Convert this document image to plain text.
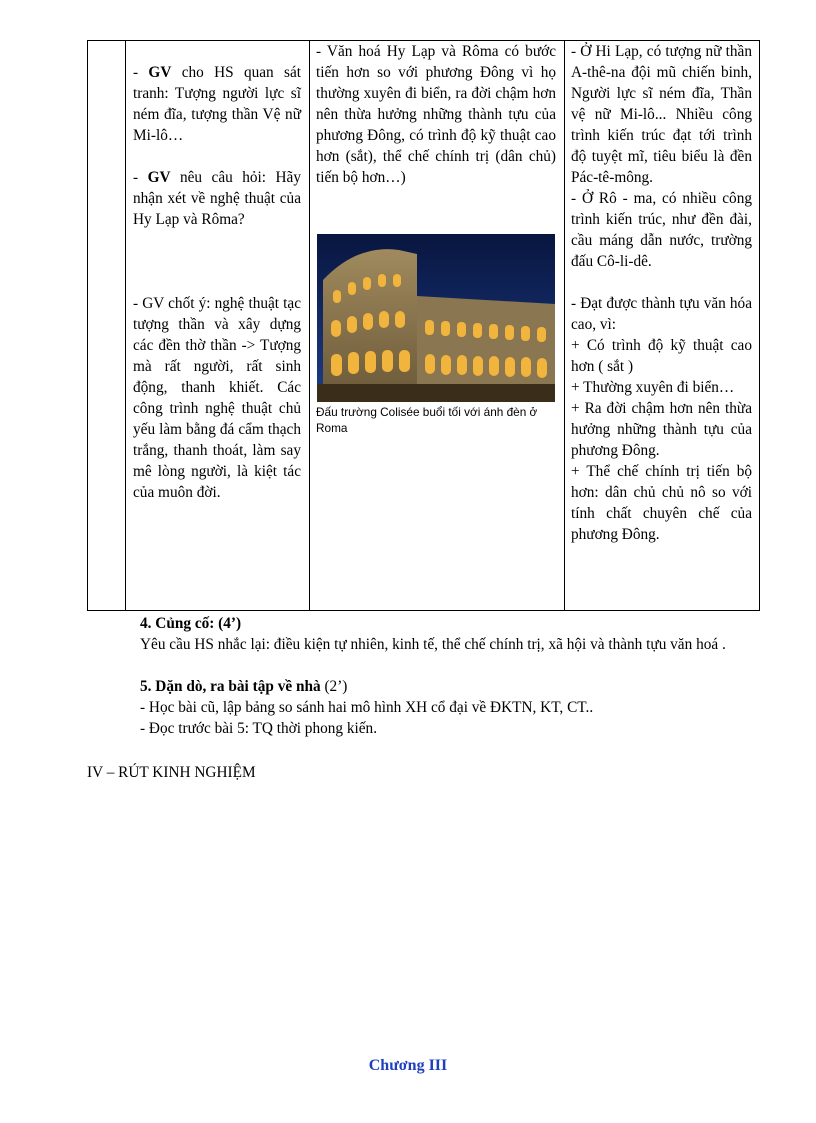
- GV cho HS quan sát tranh: Tượng người lực sĩ ném đĩa, tượng thần Vệ nữ Mi-lô…

- GV nêu câu hỏi: Hãy nhận xét về nghệ thuật của Hy Lạp và Rôma?

- GV chốt ý: nghệ thuật tạc tượng thần và xây dựng các đền thờ thần -> Tượng mà rất người, rất sinh động, thanh khiết. Các công trình nghệ thuật chủ yếu làm bằng đá cẩm thạch trắng, thanh thoát, làm say mê lòng người, là kiệt tác của muôn đời.

- Văn hoá Hy Lạp và Rôma có bước tiến hơn so với phương Đông vì họ thường xuyên đi biển, ra đời chậm hơn nên thừa hưởng những thành tựu của phương Đông, có trình độ kỹ thuật cao hơn (sắt), thể chế chính trị (dân chủ) tiến bộ hơn…)

Đấu trường Colisée buổi tối với ánh đèn ở Roma

- Ở Hi Lạp, có tượng nữ thần A-thê-na đội mũ chiến binh, Người lực sĩ ném đĩa, Thần vệ nữ Mi-lô... Nhiều công trình kiến trúc đạt tới trình độ tuyệt mĩ, tiêu biểu là đền Pác-tê-mông.

- Ở Rô - ma, có nhiều công trình kiến trúc, như đền đài, cầu máng dẫn nước, trường đấu Cô-li-dê.

- Đạt được thành tựu văn hóa cao, vì:

+ Có trình độ kỹ thuật cao hơn ( sắt )

+ Thường xuyên đi biển…

+ Ra đời chậm hơn nên thừa hưởng những thành tựu của phương Đông.

+ Thể chế chính trị tiến bộ hơn: dân chủ chủ nô so với tính chất chuyên chế của phương Đông.

4. Củng cố: (4’)
Yêu cầu HS nhắc lại: điều kiện tự nhiên, kinh tế, thể chế chính trị, xã hội và thành tựu văn hoá .
5. Dặn dò, ra bài tập về nhà (2’)
- Học bài cũ, lập bảng so sánh hai mô hình XH cổ đại về ĐKTN, KT, CT..
- Đọc trước bài 5: TQ thời phong kiến.
IV – RÚT KINH NGHIỆM
Chương III
